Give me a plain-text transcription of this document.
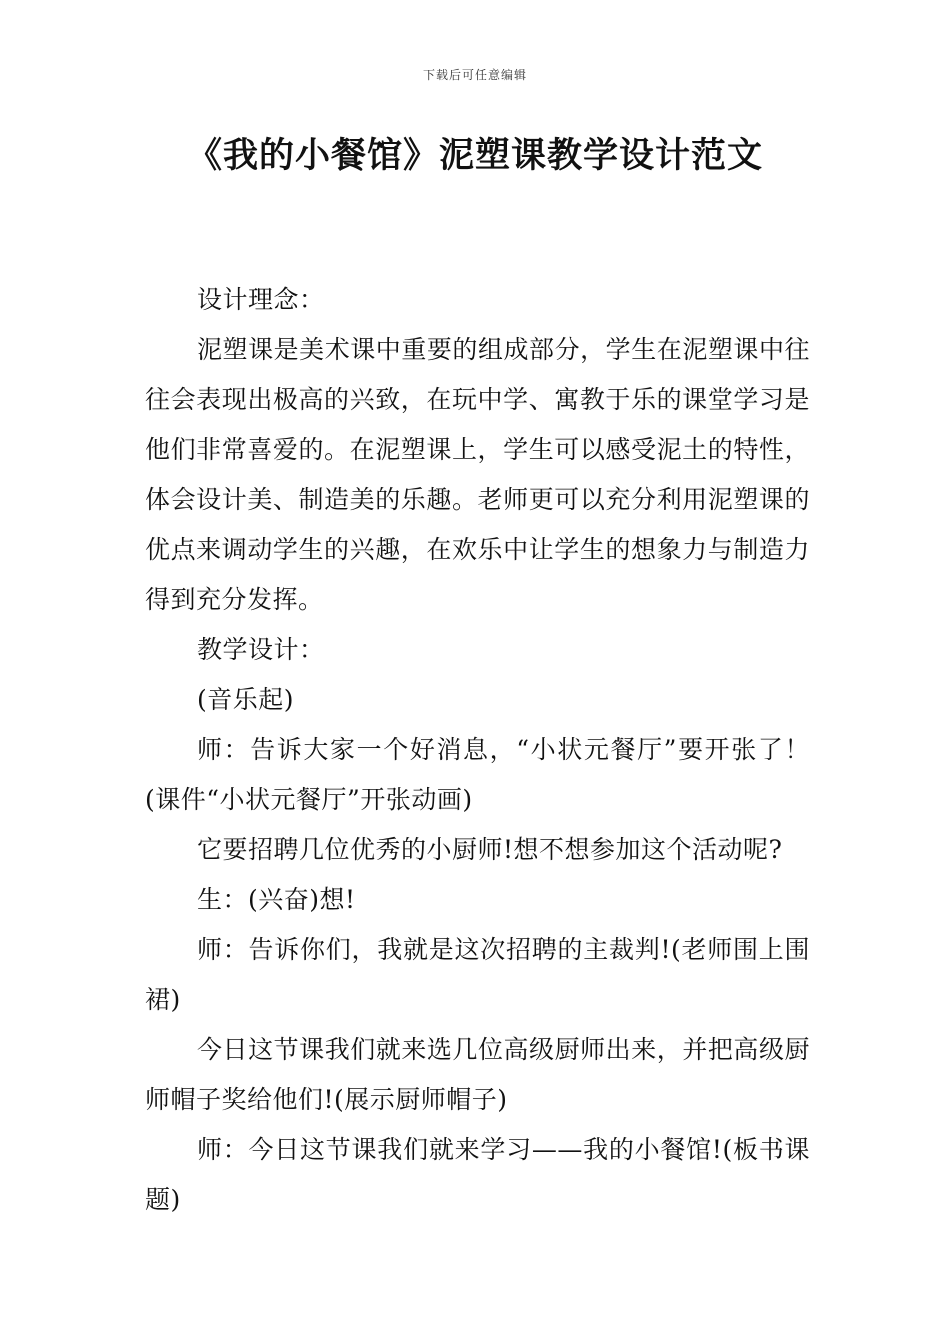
下载后可任意编辑
《我的小餐馆》泥塑课教学设计范文

设计理念：

泥塑课是美术课中重要的组成部分，学生在泥塑课中往往会表现出极高的兴致，在玩中学、寓教于乐的课堂学习是他们非常喜爱的。在泥塑课上，学生可以感受泥土的特性，体会设计美、制造美的乐趣。老师更可以充分利用泥塑课的优点来调动学生的兴趣，在欢乐中让学生的想象力与制造力得到充分发挥。

教学设计：

(音乐起)

师：告诉大家一个好消息，“小状元餐厅”要开张了！(课件“小状元餐厅”开张动画)

它要招聘几位优秀的小厨师!想不想参加这个活动呢?

生：(兴奋)想!

师：告诉你们，我就是这次招聘的主裁判!(老师围上围裙)

今日这节课我们就来选几位高级厨师出来，并把高级厨师帽子奖给他们!(展示厨师帽子)

师：今日这节课我们就来学习——我的小餐馆!(板书课题)
